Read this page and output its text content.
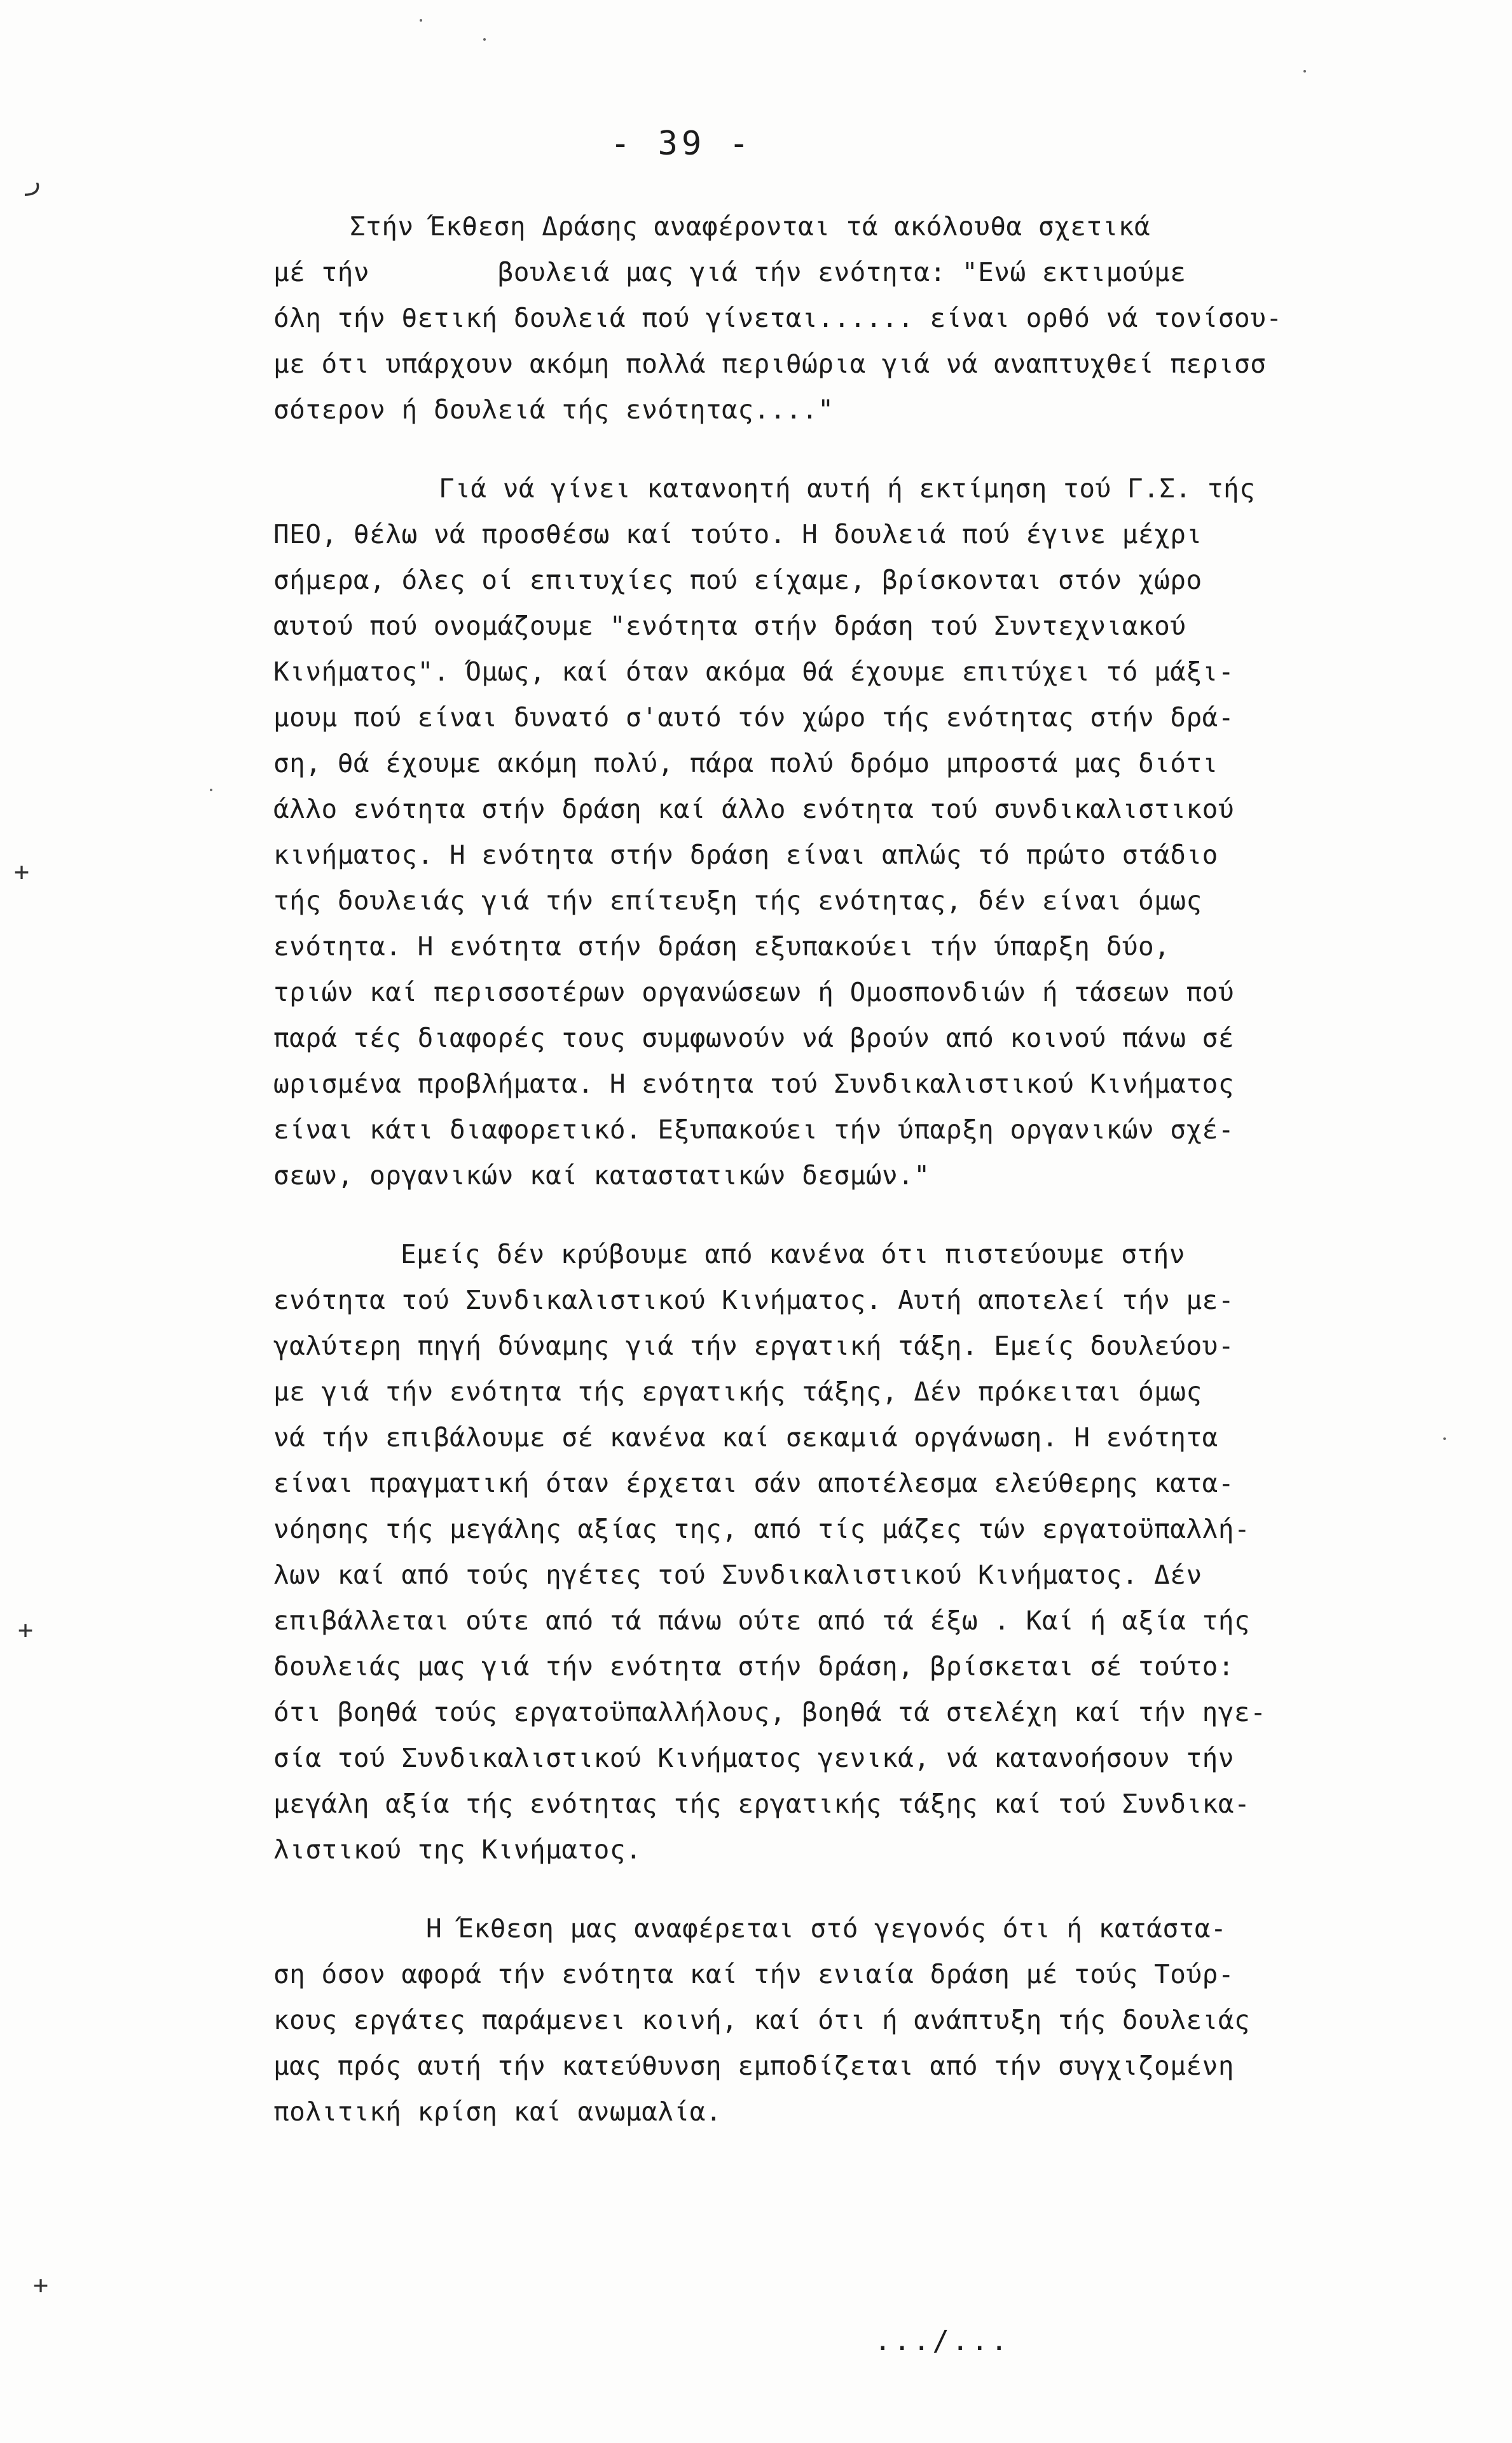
ر
+
+
+
- 39 -
Στήν Έκθεση Δράσης αναφέρονται τά ακόλουθα σχετικά
μέ τήν        βουλειά μας γιά τήν ενότητα: "Ενώ εκτιμούμε
όλη τήν θετική δουλειά πού γίνεται...... είναι ορθό νά τονίσου-
με ότι υπάρχουν ακόμη πολλά περιθώρια γιά νά αναπτυχθεί περισσ
σότερον ή δουλειά τής ενότητας...."
Γιά νά γίνει κατανοητή αυτή ή εκτίμηση τού Γ.Σ. τής
ΠΕΟ, θέλω νά προσθέσω καί τούτο. Η δουλειά πού έγινε μέχρι
σήμερα, όλες οί επιτυχίες πού είχαμε, βρίσκονται στόν χώρο
αυτού πού ονομάζουμε "ενότητα στήν δράση τού Συντεχνιακού
Κινήματος". Όμως, καί όταν ακόμα θά έχουμε επιτύχει τό μάξι-
μουμ πού είναι δυνατό σ'αυτό τόν χώρο τής ενότητας στήν δρά-
ση, θά έχουμε ακόμη πολύ, πάρα πολύ δρόμο μπροστά μας διότι
άλλο ενότητα στήν δράση καί άλλο ενότητα τού συνδικαλιστικού
κινήματος. Η ενότητα στήν δράση είναι απλώς τό πρώτο στάδιο
τής δουλειάς γιά τήν επίτευξη τής ενότητας, δέν είναι όμως
ενότητα. Η ενότητα στήν δράση εξυπακούει τήν ύπαρξη δύο,
τριών καί περισσοτέρων οργανώσεων ή Ομοσπονδιών ή τάσεων πού
παρά τές διαφορές τους συμφωνούν νά βρούν από κοινού πάνω σέ
ωρισμένα προβλήματα. Η ενότητα τού Συνδικαλιστικού Κινήματος
είναι κάτι διαφορετικό. Εξυπακούει τήν ύπαρξη οργανικών σχέ-
σεων, οργανικών καί καταστατικών δεσμών."
Εμείς δέν κρύβουμε από κανένα ότι πιστεύουμε στήν
ενότητα τού Συνδικαλιστικού Κινήματος. Αυτή αποτελεί τήν με-
γαλύτερη πηγή δύναμης γιά τήν εργατική τάξη. Εμείς δουλεύου-
με γιά τήν ενότητα τής εργατικής τάξης, Δέν πρόκειται όμως
νά τήν επιβάλουμε σέ κανένα καί σεκαμιά οργάνωση. Η ενότητα
είναι πραγματική όταν έρχεται σάν αποτέλεσμα ελεύθερης κατα-
νόησης τής μεγάλης αξίας της, από τίς μάζες τών εργατοϋπαλλή-
λων καί από τούς ηγέτες τού Συνδικαλιστικού Κινήματος. Δέν
επιβάλλεται ούτε από τά πάνω ούτε από τά έξω . Καί ή αξία τής
δουλειάς μας γιά τήν ενότητα στήν δράση, βρίσκεται σέ τούτο:
ότι βοηθά τούς εργατοϋπαλλήλους, βοηθά τά στελέχη καί τήν ηγε-
σία τού Συνδικαλιστικού Κινήματος γενικά, νά κατανοήσουν τήν
μεγάλη αξία τής ενότητας τής εργατικής τάξης καί τού Συνδικα-
λιστικού της Κινήματος.
Η Έκθεση μας αναφέρεται στό γεγονός ότι ή κατάστα-
ση όσον αφορά τήν ενότητα καί τήν ενιαία δράση μέ τούς Τούρ-
κους εργάτες παράμενει κοινή, καί ότι ή ανάπτυξη τής δουλειάς
μας πρός αυτή τήν κατεύθυνση εμποδίζεται από τήν συγχιζομένη
πολιτική κρίση καί ανωμαλία.
.../...
